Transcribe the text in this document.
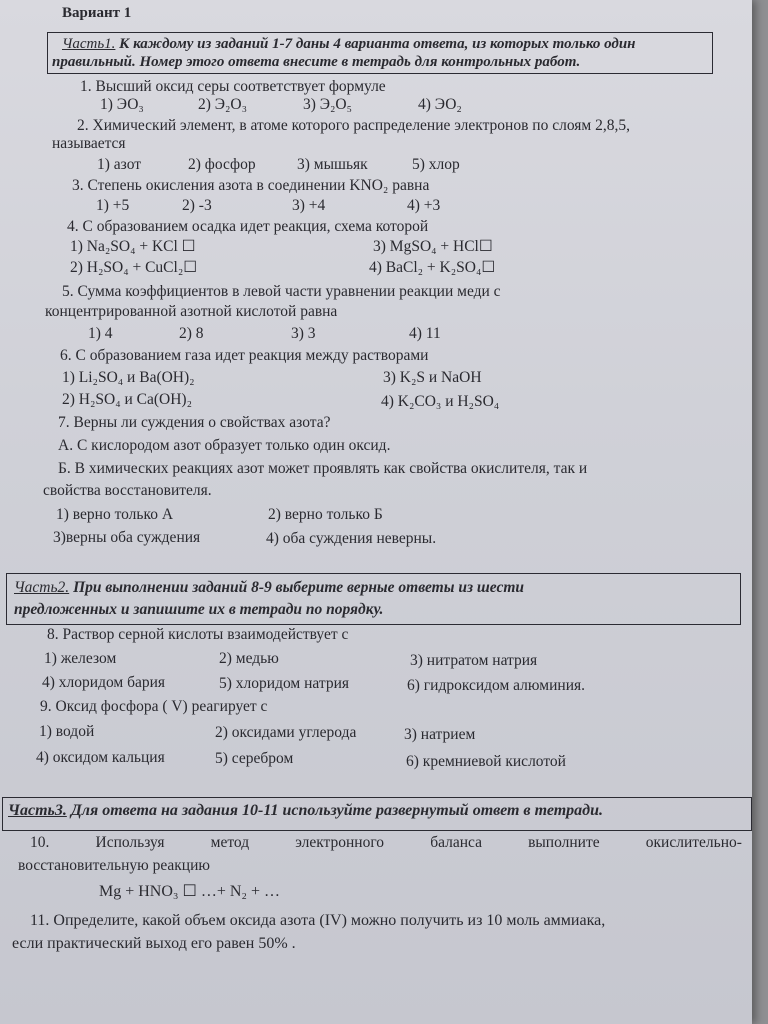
Вариант 1
Часть1. К каждому из заданий 1-7 даны 4 варианта ответа, из которых только один
правильный. Номер этого ответа внесите в тетрадь для контрольных работ.
1. Высший оксид серы соответствует формуле
1) ЭО₃	2) Э₂О₃	3) Э₂О₅	4) ЭО₂
2. Химический элемент, в атоме которого распределение электронов по слоям 2,8,5,
называется
1) азот	2) фосфор	3) мышьяк	5) хлор
3. Степень окисления азота в соединении KNO₂ равна
1) +5	2) -3	3) +4	4) +3
4. С образованием осадка идет реакция, схема которой
1) Na₂SO₄ + KCl ☐	3) MgSO₄ + HCl☐
2) H₂SO₄ + CuCl₂☐	4) BaCl₂ + K₂SO₄☐
5. Сумма коэффициентов в левой части уравнении реакции меди с
концентрированной азотной кислотой равна
1) 4	2) 8	3) 3	4) 11
6. С образованием газа идет реакция между растворами
1) Li₂SO₄ и Ba(OH)₂	3) K₂S и NaOH
2) H₂SO₄ и Ca(OH)₂	4) K₂CO₃ и H₂SO₄
7. Верны ли суждения о свойствах азота?
А. С кислородом азот образует только один оксид.
Б. В химических реакциях азот может проявлять как свойства окислителя, так и
свойства восстановителя.
1) верно только А	2) верно только Б
3)верны оба суждения	4) оба суждения неверны.
Часть2. При выполнении заданий 8-9 выберите верные ответы из шести
предложенных и запишите их в тетради по порядку.
8. Раствор серной кислоты взаимодействует с
1) железом	2) медью	3) нитратом натрия
4) хлоридом бария	5) хлоридом натрия	6) гидроксидом алюминия.
9. Оксид фосфора ( V) реагирует с
1) водой	2) оксидами углерода	3) натрием
4) оксидом кальция	5) серебром	6) кремниевой кислотой
Часть3. Для ответа на задания 10-11 используйте развернутый ответ в тетради.
10.	Используя	метод	электронного	баланса	выполните	окислительно-
восстановительную реакцию
Mg + HNO₃ ☐ …+ N₂ + …
11. Определите, какой объем оксида азота (IV) можно получить из 10 моль аммиака,
если практический выход его равен 50% .
